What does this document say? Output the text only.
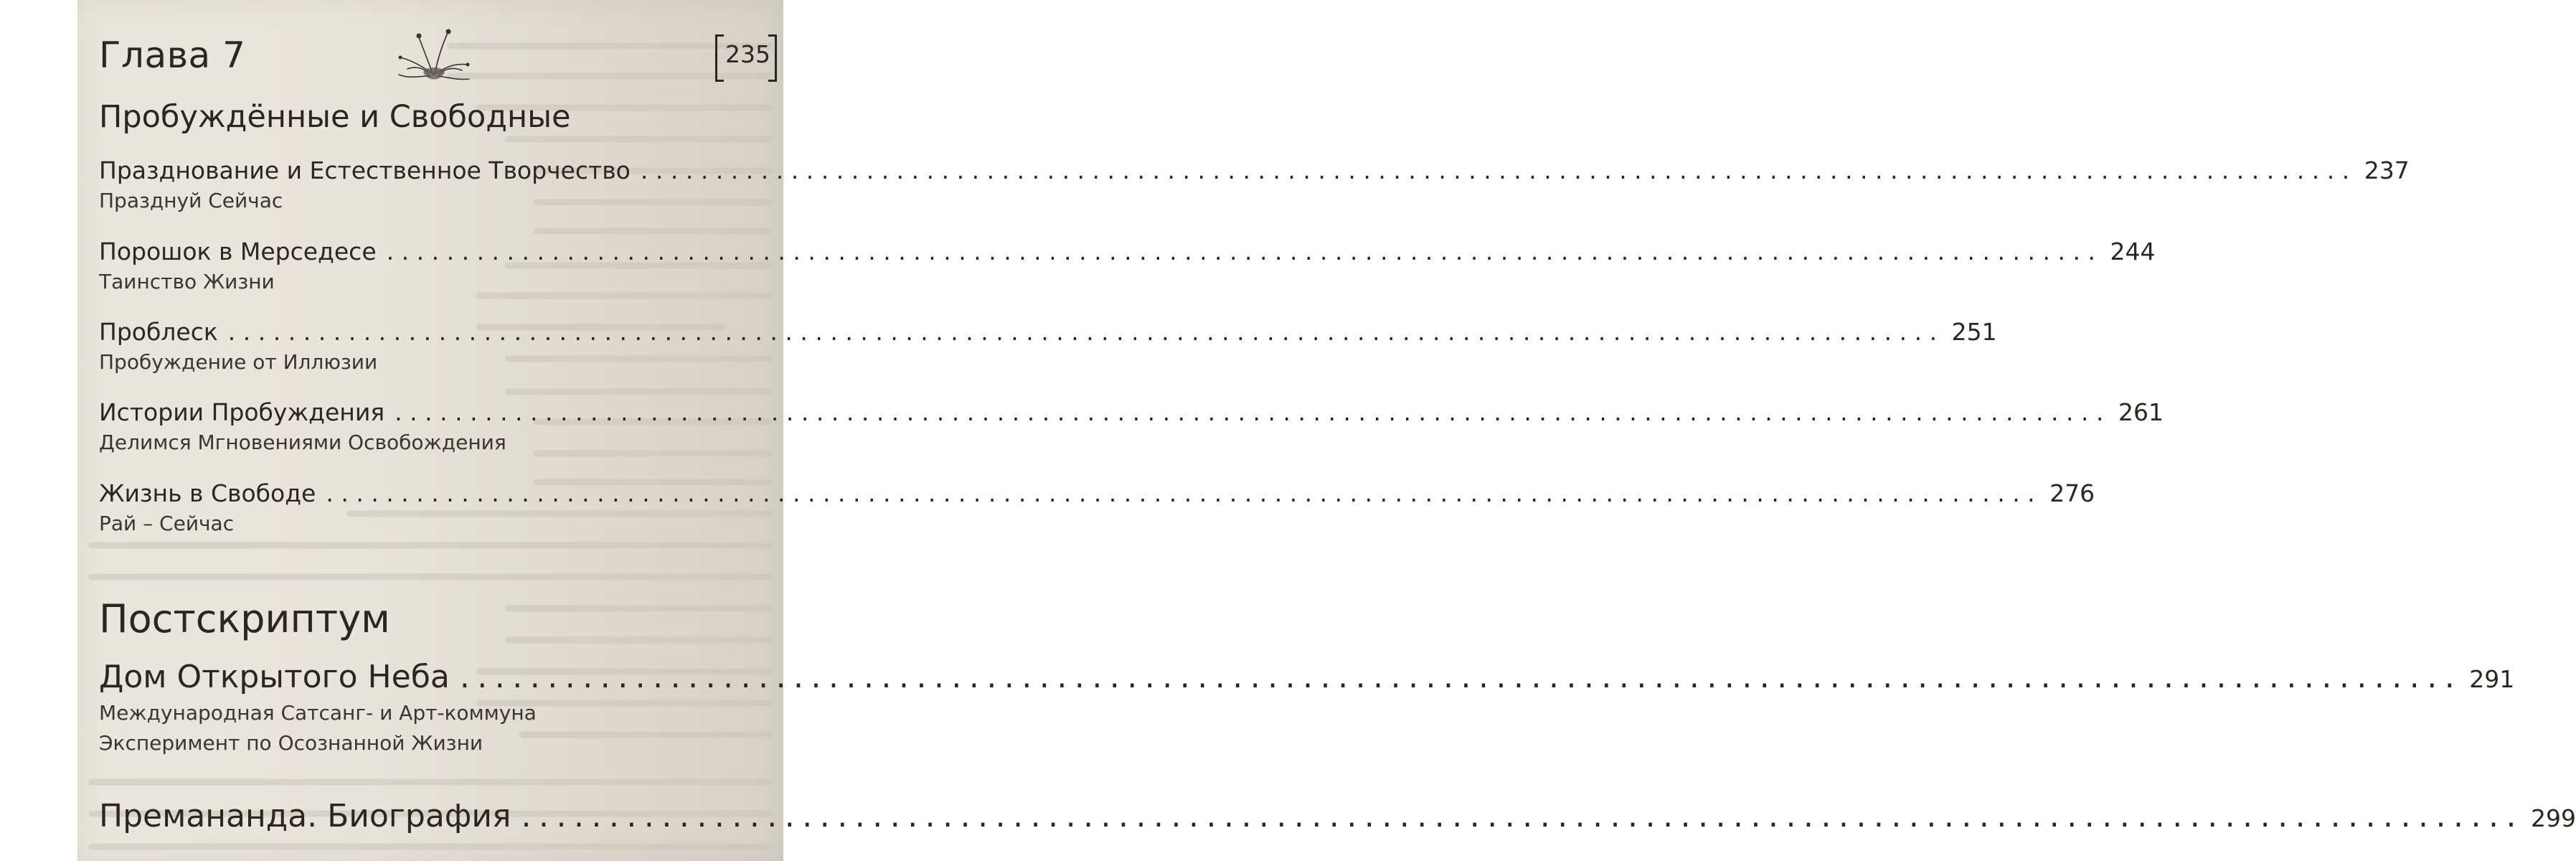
Глава 7	235
Пробуждённые и Свободные
Празднование и Естественное Творчество .................................................................................................................. 237
Празднуй Сейчас
Порошок в Мерседесе .................................................................................................................. 244
Таинство Жизни
Проблеск .................................................................................................................. 251
Пробуждение от Иллюзии
Истории Пробуждения .................................................................................................................. 261
Делимся Мгновениями Освобождения
Жизнь в Свободе .................................................................................................................. 276
Рай – Сейчас
Постскриптум
Дом Открытого Неба .................................................................................................................. 291
Международная Сатсанг- и Арт-коммуна
Эксперимент по Осознанной Жизни
Премананда. Биография .................................................................................................................. 299
